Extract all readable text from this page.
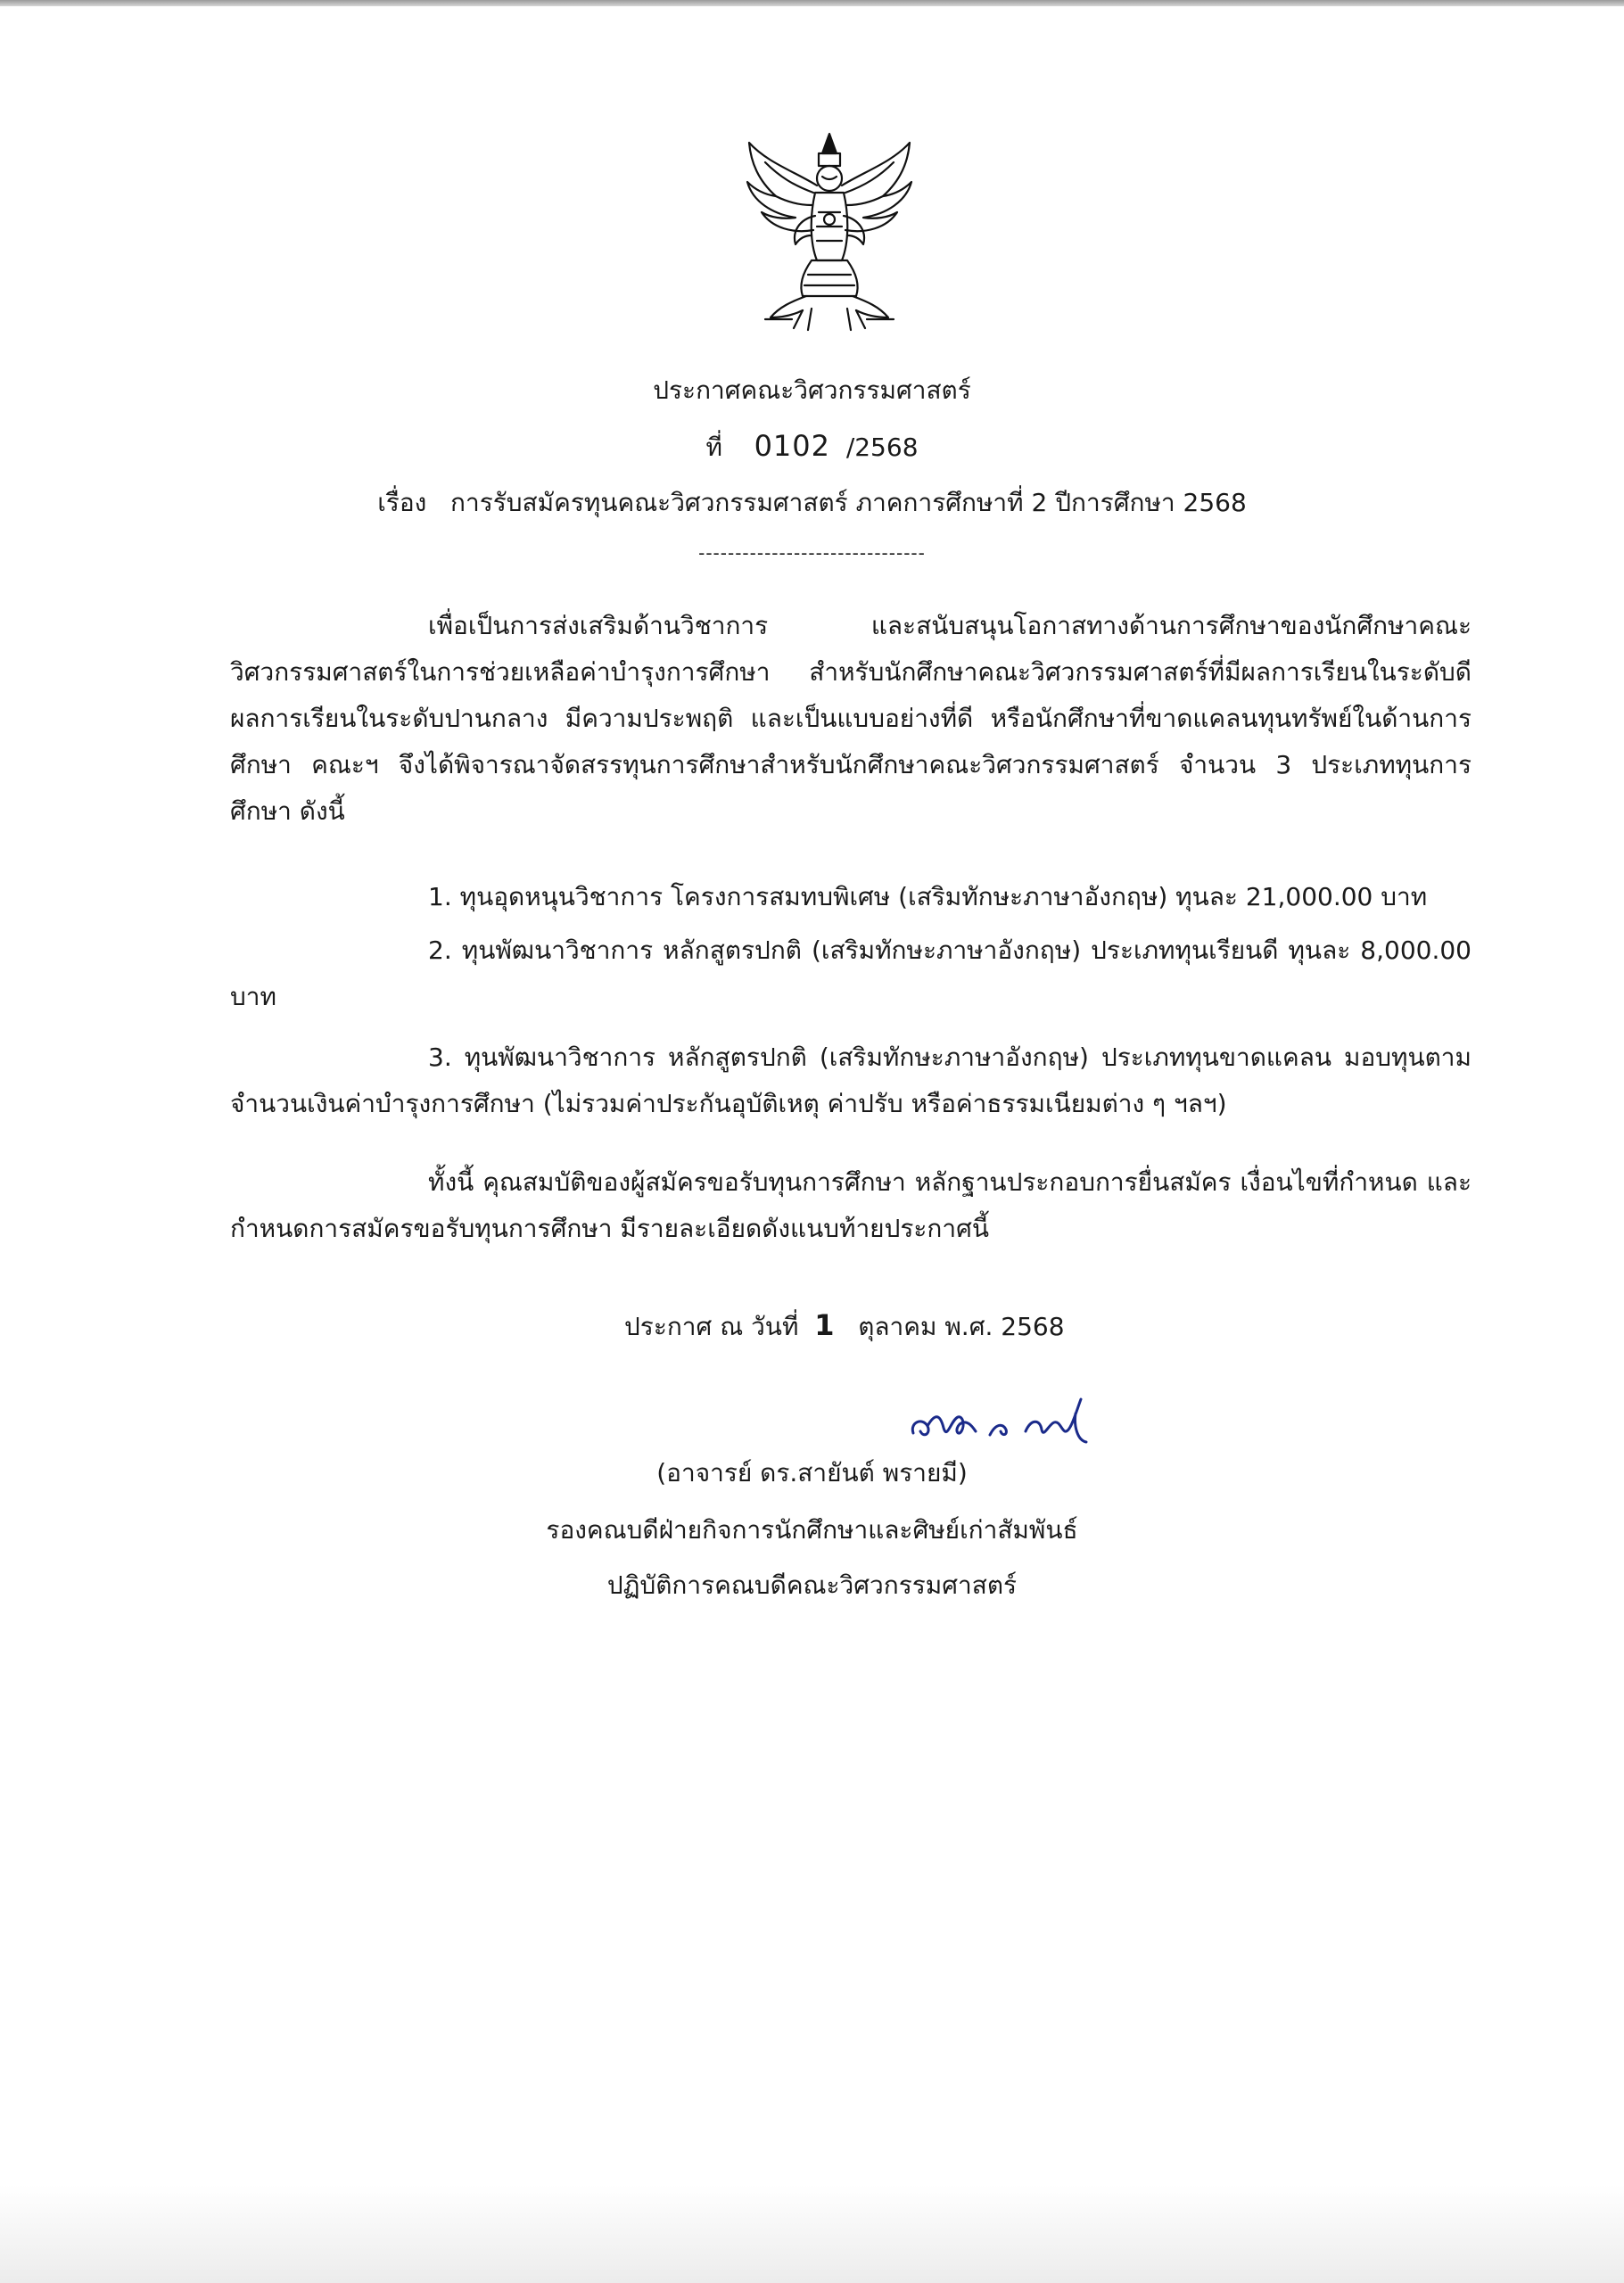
ประกาศคณะวิศวกรรมศาสตร์
ที่ 0102 /2568
เรื่อง การรับสมัครทุนคณะวิศวกรรมศาสตร์ ภาคการศึกษาที่ 2 ปีการศึกษา 2568
-------------------------------
เพื่อเป็นการส่งเสริมด้านวิชาการ และสนับสนุนโอกาสทางด้านการศึกษาของนักศึกษาคณะวิศวกรรมศาสตร์ในการช่วยเหลือค่าบำรุงการศึกษา สำหรับนักศึกษาคณะวิศวกรรมศาสตร์ที่มีผลการเรียนในระดับดี ผลการเรียนในระดับปานกลาง มีความประพฤติ และเป็นแบบอย่างที่ดี หรือนักศึกษาที่ขาดแคลนทุนทรัพย์ในด้านการศึกษา คณะฯ จึงได้พิจารณาจัดสรรทุนการศึกษาสำหรับนักศึกษาคณะวิศวกรรมศาสตร์ จำนวน 3 ประเภททุนการศึกษา ดังนี้
1. ทุนอุดหนุนวิชาการ โครงการสมทบพิเศษ (เสริมทักษะภาษาอังกฤษ) ทุนละ 21,000.00 บาท
2. ทุนพัฒนาวิชาการ หลักสูตรปกติ (เสริมทักษะภาษาอังกฤษ) ประเภททุนเรียนดี ทุนละ 8,000.00 บาท
3. ทุนพัฒนาวิชาการ หลักสูตรปกติ (เสริมทักษะภาษาอังกฤษ) ประเภททุนขาดแคลน มอบทุนตามจำนวนเงินค่าบำรุงการศึกษา (ไม่รวมค่าประกันอุบัติเหตุ ค่าปรับ หรือค่าธรรมเนียมต่าง ๆ ฯลฯ)
ทั้งนี้ คุณสมบัติของผู้สมัครขอรับทุนการศึกษา หลักฐานประกอบการยื่นสมัคร เงื่อนไขที่กำหนด และกำหนดการสมัครขอรับทุนการศึกษา มีรายละเอียดดังแนบท้ายประกาศนี้
ประกาศ ณ วันที่ 1 ตุลาคม พ.ศ. 2568
(อาจารย์ ดร.สายันต์ พรายมี)
รองคณบดีฝ่ายกิจการนักศึกษาและศิษย์เก่าสัมพันธ์
ปฏิบัติการคณบดีคณะวิศวกรรมศาสตร์
